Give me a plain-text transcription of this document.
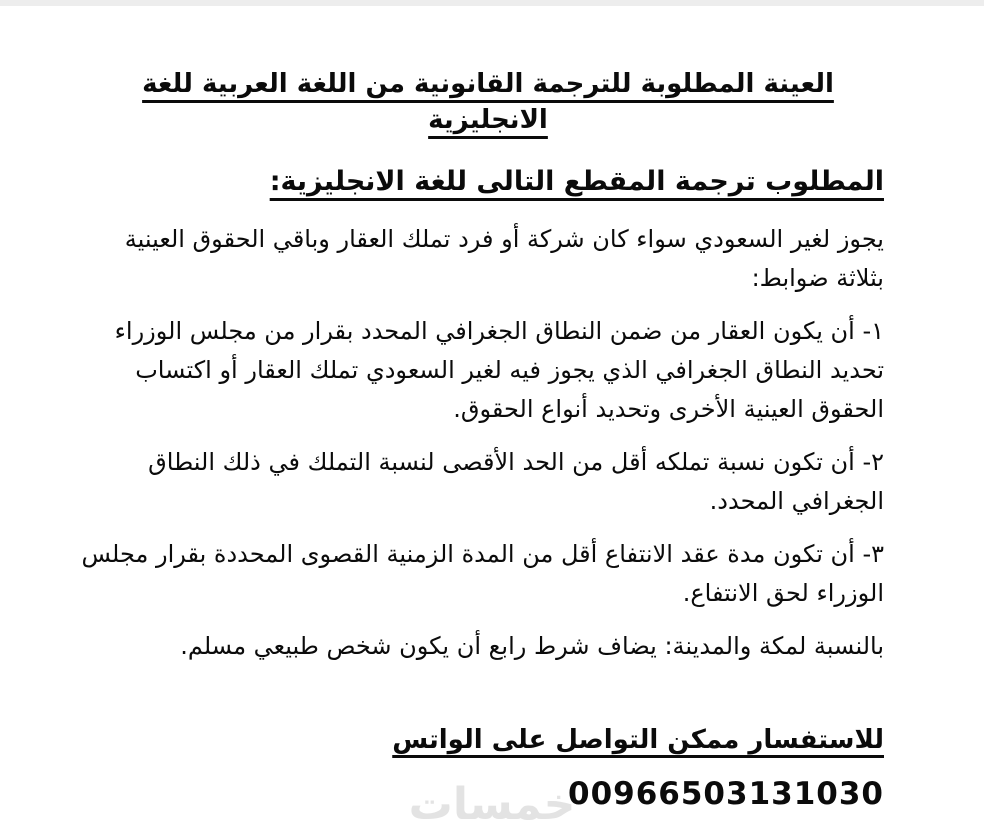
العينة المطلوبة للترجمة القانونية من اللغة العربية للغة الانجليزية
المطلوب ترجمة المقطع التالى للغة الانجليزية:
يجوز لغير السعودي سواء كان شركة أو فرد تملك العقار وباقي الحقوق العينية
بثلاثة ضوابط:
١- أن يكون العقار من ضمن النطاق الجغرافي المحدد بقرار من مجلس الوزراء
تحديد النطاق الجغرافي الذي يجوز فيه لغير السعودي تملك العقار أو اكتساب
الحقوق العينية الأخرى وتحديد أنواع الحقوق.
٢- أن تكون نسبة تملكه أقل من الحد الأقصى لنسبة التملك في ذلك النطاق
الجغرافي المحدد.
٣- أن تكون مدة عقد الانتفاع أقل من المدة الزمنية القصوى المحددة بقرار مجلس
الوزراء لحق الانتفاع.
بالنسبة لمكة والمدينة: يضاف شرط رابع أن يكون شخص طبيعي مسلم.
للاستفسار ممكن التواصل على الواتس
00966503131030
خمسات
